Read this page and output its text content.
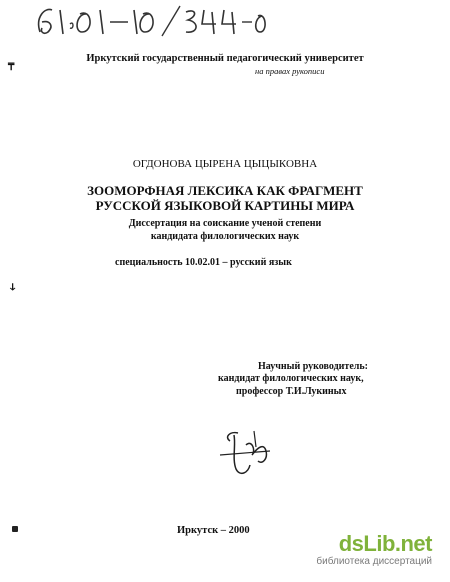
Иркутский государственный педагогический университет
на правах рукописи
₸
ↆ
ОГДОНОВА ЦЫРЕНА ЦЫЦЫКОВНА
ЗООМОРФНАЯ ЛЕКСИКА КАК ФРАГМЕНТ
РУССКОЙ ЯЗЫКОВОЙ КАРТИНЫ МИРА
Диссертация на соискание ученой степени
кандидата филологических наук
специальность 10.02.01 – русский язык
Научный руководитель:
кандидат филологических наук,
профессор Т.И.Лукиных
Иркутск – 2000
dsLib.net
библиотека диссертаций
